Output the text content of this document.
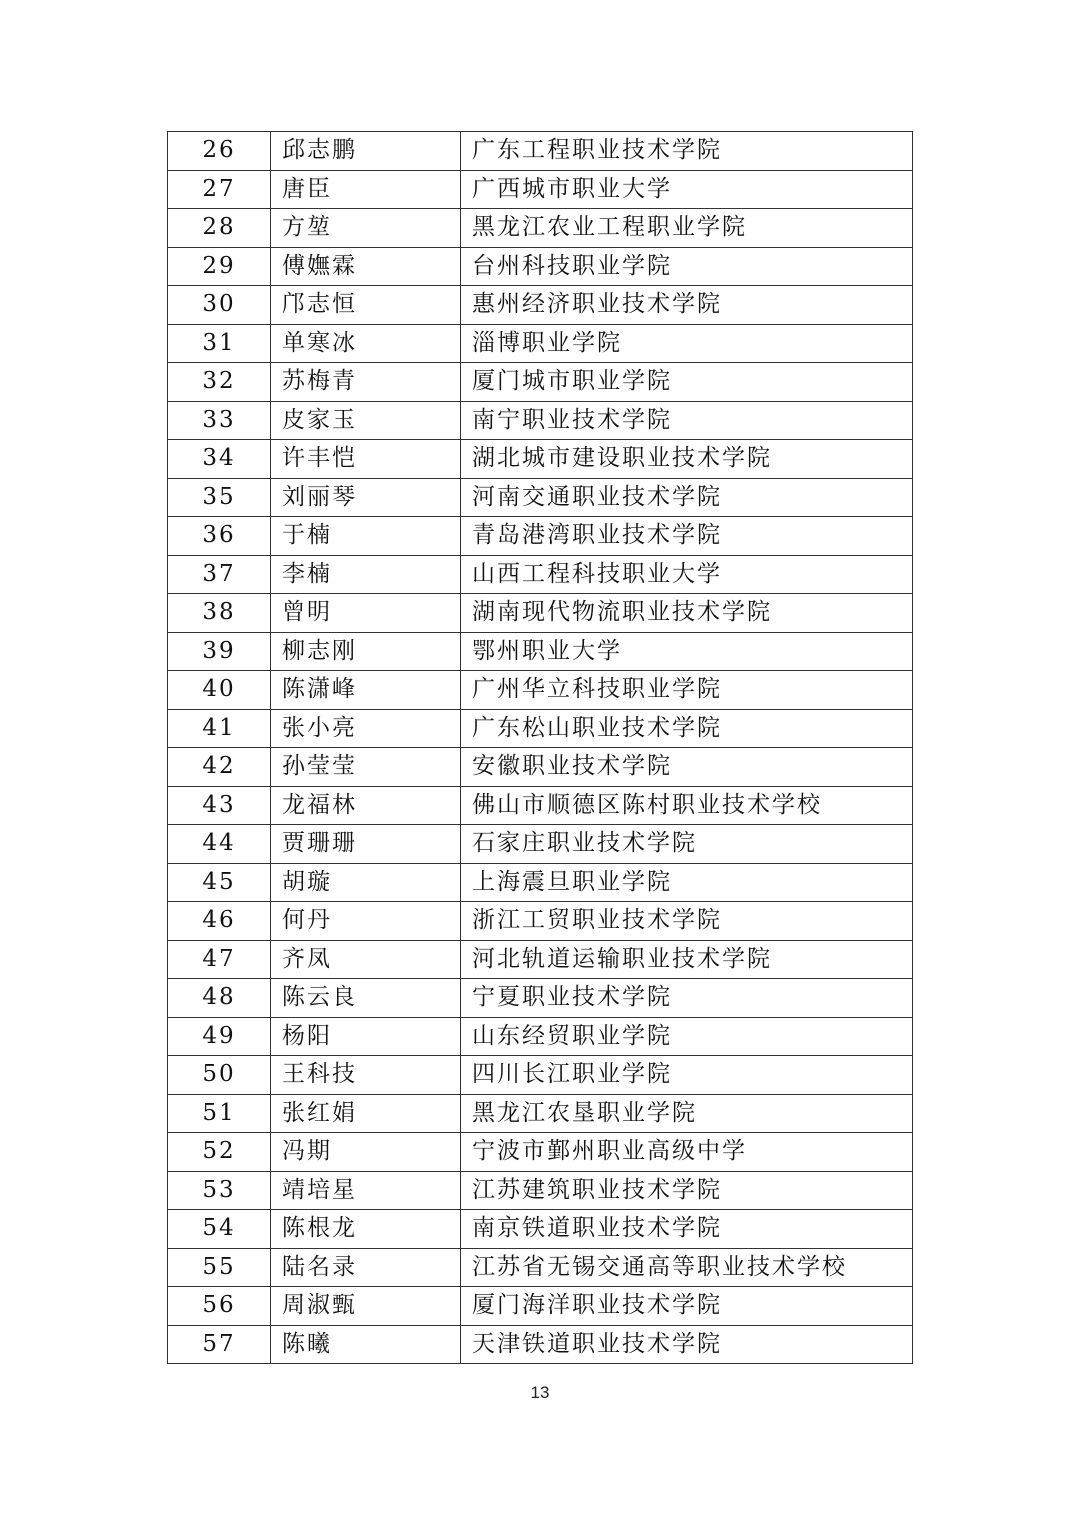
26	邱志鹏	广东工程职业技术学院
27	唐臣	广西城市职业大学
28	方堃	黑龙江农业工程职业学院
29	傅嫵霖	台州科技职业学院
30	邝志恒	惠州经济职业技术学院
31	单寒冰	淄博职业学院
32	苏梅青	厦门城市职业学院
33	皮家玉	南宁职业技术学院
34	许丰恺	湖北城市建设职业技术学院
35	刘丽琴	河南交通职业技术学院
36	于楠	青岛港湾职业技术学院
37	李楠	山西工程科技职业大学
38	曾明	湖南现代物流职业技术学院
39	柳志刚	鄂州职业大学
40	陈潇峰	广州华立科技职业学院
41	张小亮	广东松山职业技术学院
42	孙莹莹	安徽职业技术学院
43	龙福林	佛山市顺德区陈村职业技术学校
44	贾珊珊	石家庄职业技术学院
45	胡璇	上海震旦职业学院
46	何丹	浙江工贸职业技术学院
47	齐凤	河北轨道运输职业技术学院
48	陈云良	宁夏职业技术学院
49	杨阳	山东经贸职业学院
50	王科技	四川长江职业学院
51	张红娟	黑龙江农垦职业学院
52	冯期	宁波市鄞州职业高级中学
53	靖培星	江苏建筑职业技术学院
54	陈根龙	南京铁道职业技术学院
55	陆名录	江苏省无锡交通高等职业技术学校
56	周淑甄	厦门海洋职业技术学院
57	陈曦	天津铁道职业技术学院
13
